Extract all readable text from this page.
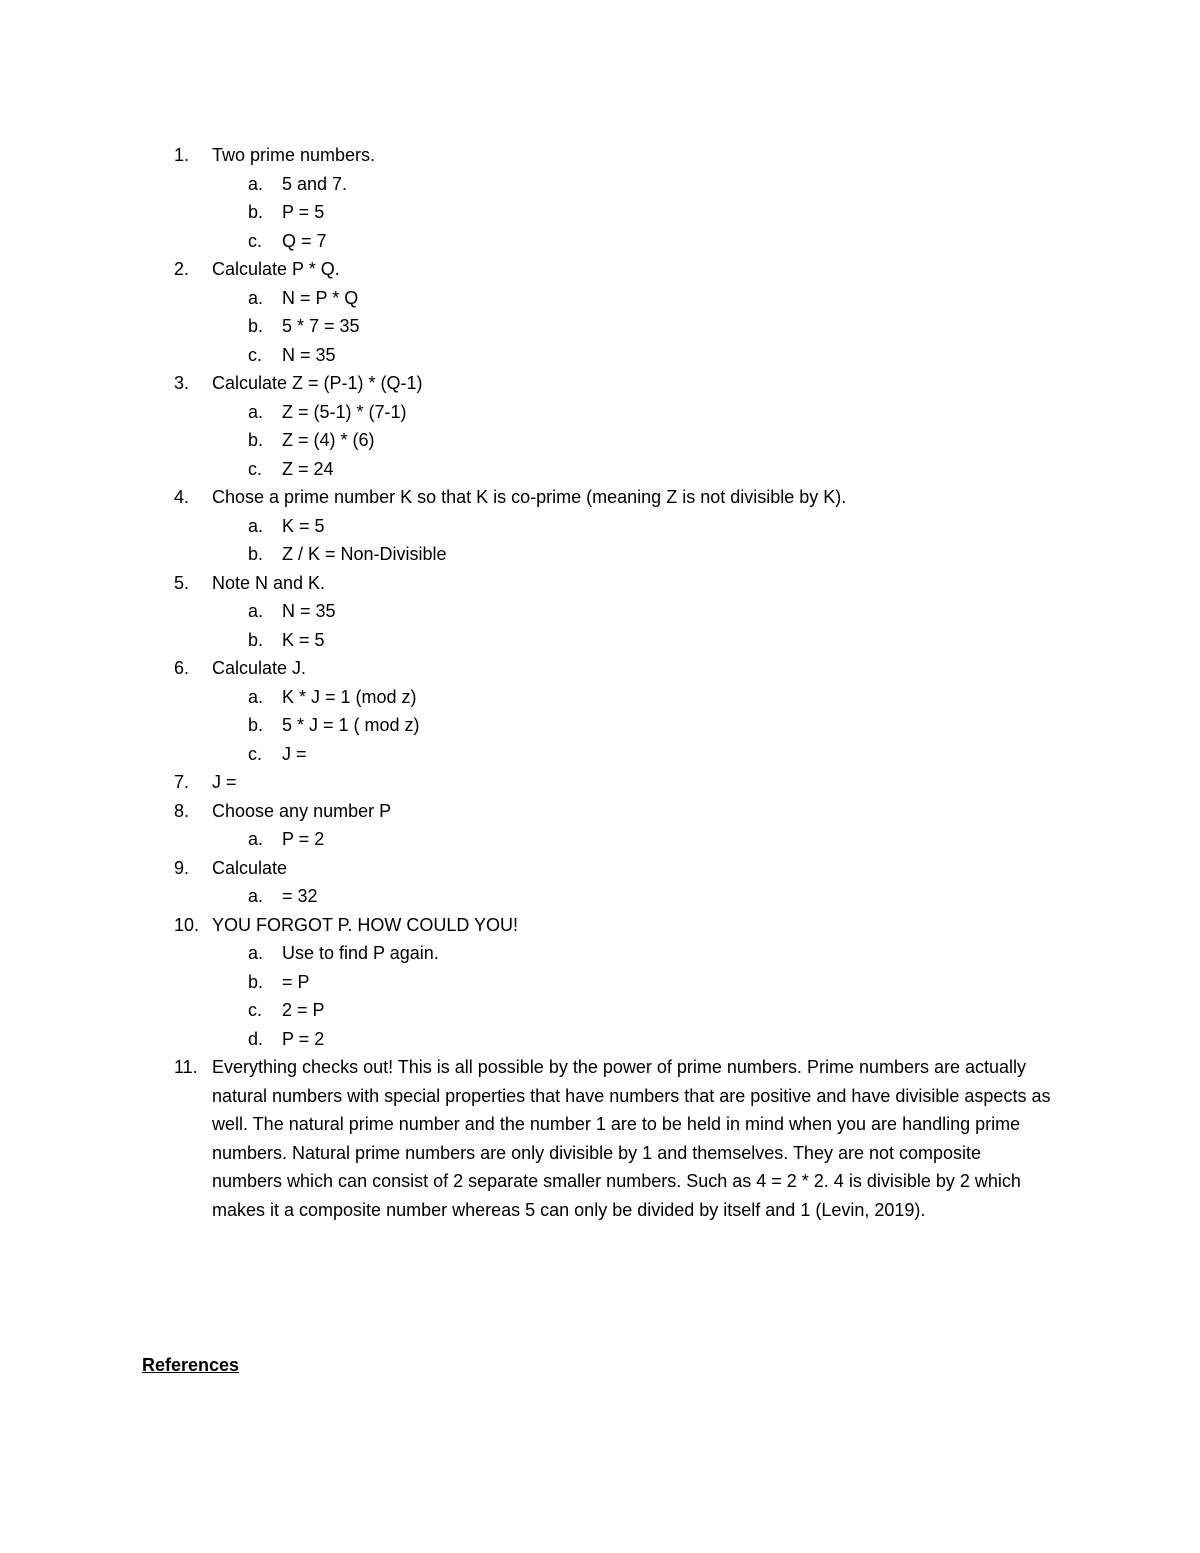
1.	Two prime numbers.
a.	5 and 7.
b.	P = 5
c.	Q = 7
2.	Calculate P * Q.
a.	N = P * Q
b.	5 * 7 = 35
c.	N = 35
3.	Calculate Z = (P-1) * (Q-1)
a.	Z = (5-1) * (7-1)
b.	Z = (4) * (6)
c.	Z = 24
4.	Chose a prime number K so that K is co-prime (meaning Z is not divisible by K).
a.	K = 5
b.	Z / K = Non-Divisible
5.	Note N and K.
a.	N = 35
b.	K = 5
6.	Calculate J.
a.	K * J = 1 (mod z)
b.	5 * J = 1 ( mod z)
c.	J =
7.	J =
8.	Choose any number P
a.	P = 2
9.	Calculate
a.	= 32
10. YOU FORGOT P. HOW COULD YOU!
a.	Use to find P again.
b.	= P
c.	2 = P
d.	P = 2
11. Everything checks out! This is all possible by the power of prime numbers. Prime numbers are actually natural numbers with special properties that have numbers that are positive and have divisible aspects as well. The natural prime number and the number 1 are to be held in mind when you are handling prime numbers. Natural prime numbers are only divisible by 1 and themselves. They are not composite numbers which can consist of 2 separate smaller numbers. Such as 4 = 2 * 2. 4 is divisible by 2 which makes it a composite number whereas 5 can only be divided by itself and 1 (Levin, 2019).
References
